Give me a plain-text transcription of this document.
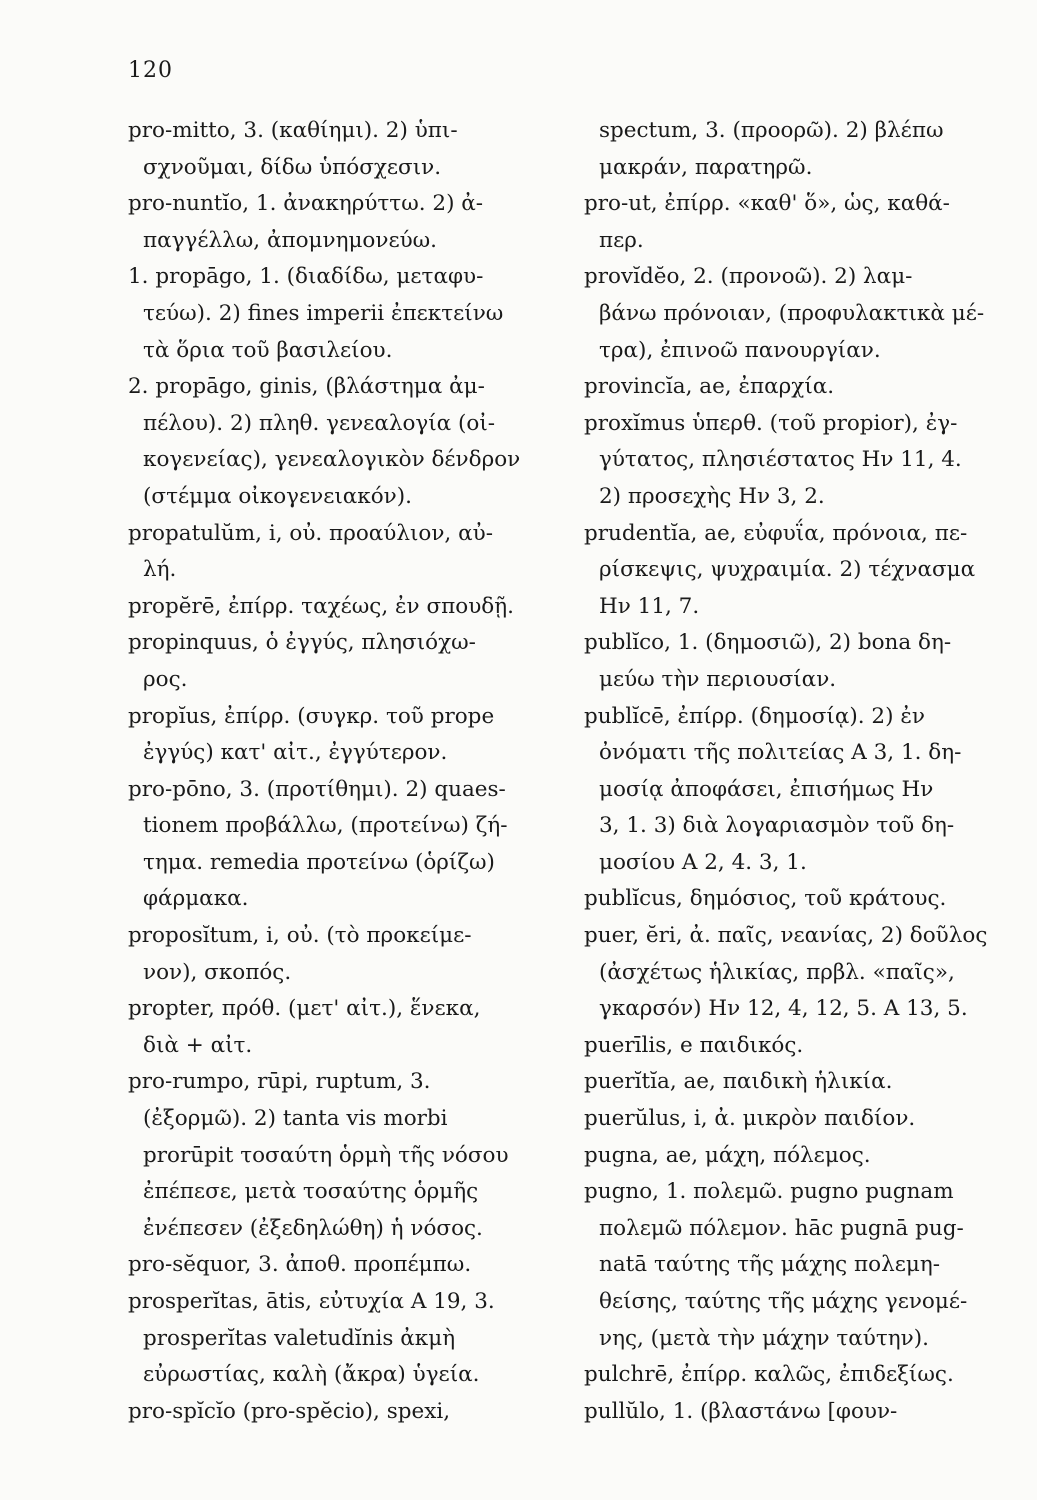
120
pro-mitto, 3. (καθίημι). 2) ὑπι-
σχνοῦμαι, δίδω ὑπόσχεσιν.
pro-nuntĭo, 1. ἀνακηρύττω. 2) ἀ-
παγγέλλω, ἀπομνημονεύω.
1. propāgo, 1. (διαδίδω, μεταφυ-
τεύω). 2) fines imperii ἐπεκτείνω
τὰ ὅρια τοῦ βασιλείου.
2. propāgo, ginis, (βλάστημα ἀμ-
πέλου). 2) πληθ. γενεαλογία (οἰ-
κογενείας), γενεαλογικὸν δένδρον
(στέμμα οἰκογενειακόν).
propatulŭm, i, οὐ. προαύλιον, αὐ-
λή.
propĕrē, ἐπίρρ. ταχέως, ἐν σπουδῇ.
propinquus, ὁ ἐγγύς, πλησιόχω-
ρος.
propĭus, ἐπίρρ. (συγκρ. τοῦ prope
ἐγγύς) κατ' αἰτ., ἐγγύτερον.
pro-pōno, 3. (προτίθημι). 2) quaes-
tionem προβάλλω, (προτείνω) ζή-
τημα. remedia προτείνω (ὁρίζω)
φάρμακα.
proposĭtum, i, οὐ. (τὸ προκείμε-
νον), σκοπός.
propter, πρόθ. (μετ' αἰτ.), ἕνεκα,
διὰ + αἰτ.
pro-rumpo, rūpi, ruptum, 3.
(ἐξορμῶ). 2) tanta vis morbi
prorūpit τοσαύτη ὁρμὴ τῆς νόσου
ἐπέπεσε, μετὰ τοσαύτης ὁρμῆς
ἐνέπεσεν (ἐξεδηλώθη) ἡ νόσος.
pro-sĕquor, 3. ἀποθ. προπέμπω.
prosperĭtas, ātis, εὐτυχία Α 19, 3.
prosperĭtas valetudĭnis ἀκμὴ
εὐρωστίας, καλὴ (ἄκρα) ὑγεία.
pro-spĭcĭo (pro-spĕcio), spexi,
spectum, 3. (προορῶ). 2) βλέπω
μακράν, παρατηρῶ.
pro-ut, ἐπίρρ. «καθ' ὅ», ὡς, καθά-
περ.
provĭdĕo, 2. (προνοῶ). 2) λαμ-
βάνω πρόνοιαν, (προφυλακτικὰ μέ-
τρα), ἐπινοῶ πανουργίαν.
provincĭa, ae, ἐπαρχία.
proxĭmus ὑπερθ. (τοῦ propior), ἐγ-
γύτατος, πλησιέστατος Ην 11, 4.
2) προσεχὴς Ην 3, 2.
prudentĭa, ae, εὐφυΐα, πρόνοια, πε-
ρίσκεψις, ψυχραιμία. 2) τέχνασμα
Ην 11, 7.
publĭco, 1. (δημοσιῶ), 2) bona δη-
μεύω τὴν περιουσίαν.
publĭcē, ἐπίρρ. (δημοσίᾳ). 2) ἐν
ὀνόματι τῆς πολιτείας Α 3, 1. δη-
μοσίᾳ ἀποφάσει, ἐπισήμως Ην
3, 1. 3) διὰ λογαριασμὸν τοῦ δη-
μοσίου Α 2, 4. 3, 1.
publĭcus, δημόσιος, τοῦ κράτους.
puer, ĕri, ἀ. παῖς, νεανίας, 2) δοῦλος
(ἀσχέτως ἡλικίας, πρβλ. «παῖς»,
γκαρσόν) Ην 12, 4, 12, 5. Α 13, 5.
puerīlis, e παιδικός.
puerĭtĭa, ae, παιδικὴ ἡλικία.
puerŭlus, i, ἀ. μικρὸν παιδίον.
pugna, ae, μάχη, πόλεμος.
pugno, 1. πολεμῶ. pugno pugnam
πολεμῶ πόλεμον. hāc pugnā pug-
natā ταύτης τῆς μάχης πολεμη-
θείσης, ταύτης τῆς μάχης γενομέ-
νης, (μετὰ τὴν μάχην ταύτην).
pulchrē, ἐπίρρ. καλῶς, ἐπιδεξίως.
pullŭlo, 1. (βλαστάνω [φουν-
